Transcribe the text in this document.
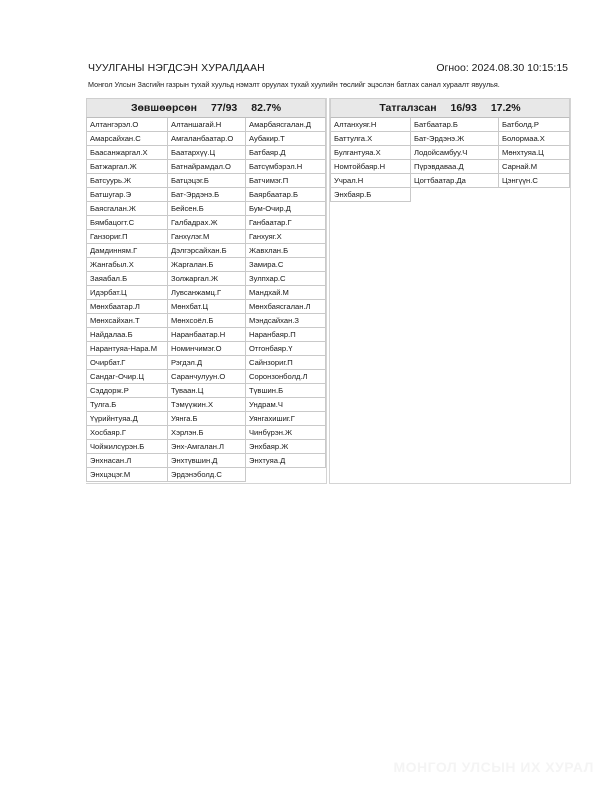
ЧУУЛГАНЫ НЭГДСЭН ХУРАЛДААН	Огноо: 2024.08.30 10:15:15
Монгол Улсын Засгийн газрын тухай хуульд нэмэлт оруулах тухай хуулийн төслийг эцэслэн батлах санал хураалт явуулья.
Зөвшөөрсөн 77/93 82.7%
Алтангэрэл.О	Алтаншагай.Н	Амарбаясгалан.Д
Амарсайхан.С	Амгаланбаатар.О	Аубакир.Т
Баасанжаргал.Х	Баатархүү.Ц	Батбаяр.Д
Батжаргал.Ж	Батнайрамдал.О	Батсүмбэрэл.Н
Батсуурь.Ж	Батцэцэг.Б	Батчимэг.П
Батшугар.Э	Бат-Эрдэнэ.Б	Баярбаатар.Б
Баясгалан.Ж	Бейсен.Б	Бум-Очир.Д
Бямбацогт.С	Галбадрах.Ж	Ганбаатар.Г
Ганзориг.П	Ганхүлэг.М	Ганхуяг.Х
Дамдинням.Г	Дэлгэрсайхан.Б	Жавхлан.Б
Жангабыл.Х	Жаргалан.Б	Замира.С
Заяабал.Б	Золжаргал.Ж	Зулпхар.С
Идэрбат.Ц	Лувсанжамц.Г	Мандхай.М
Мөнхбаатар.Л	Мөнхбат.Ц	Мөнхбаясгалан.Л
Мөнхсайхан.Т	Мөнхсоёл.Б	Мэндсайхан.З
Найдалаа.Б	Наранбаатар.Н	Наранбаяр.П
Нарантуяа-Нара.М	Номинчимэг.О	Отгонбаяр.Ү
Очирбат.Г	Рэгдэл.Д	Сайнзориг.П
Сандаг-Очир.Ц	Саранчулуун.О	Соронзонболд.Л
Сэддорж.Р	Туваан.Ц	Түвшин.Б
Тулга.Б	Тэмүүжин.Х	Ундрам.Ч
Үүрийнтуяа.Д	Уянга.Б	Уянгахишиг.Г
Хосбаяр.Г	Хэрлэн.Б	Чинбүрэн.Ж
Чойжилсүрэн.Б	Энх-Амгалан.Л	Энхбаяр.Ж
Энхнасан.Л	Энхтүвшин.Д	Энхтуяа.Д
Энхцэцэг.М	Эрдэнэболд.С
Татгалзсан 16/93 17.2%
Алтанхуяг.Н	Батбаатар.Б	Батболд.Р
Баттулга.Х	Бат-Эрдэнэ.Ж	Болормаа.Х
Булгантуяа.Х	Лодойсамбуу.Ч	Мөнхтуяа.Ц
Номтойбаяр.Н	Пүрэвдаваа.Д	Сарнай.М
Учрал.Н	Цогтбаатар.Да	Цэнгүүн.С
Энхбаяр.Б
МОНГОЛ УЛСЫН ИХ ХУРАЛ
